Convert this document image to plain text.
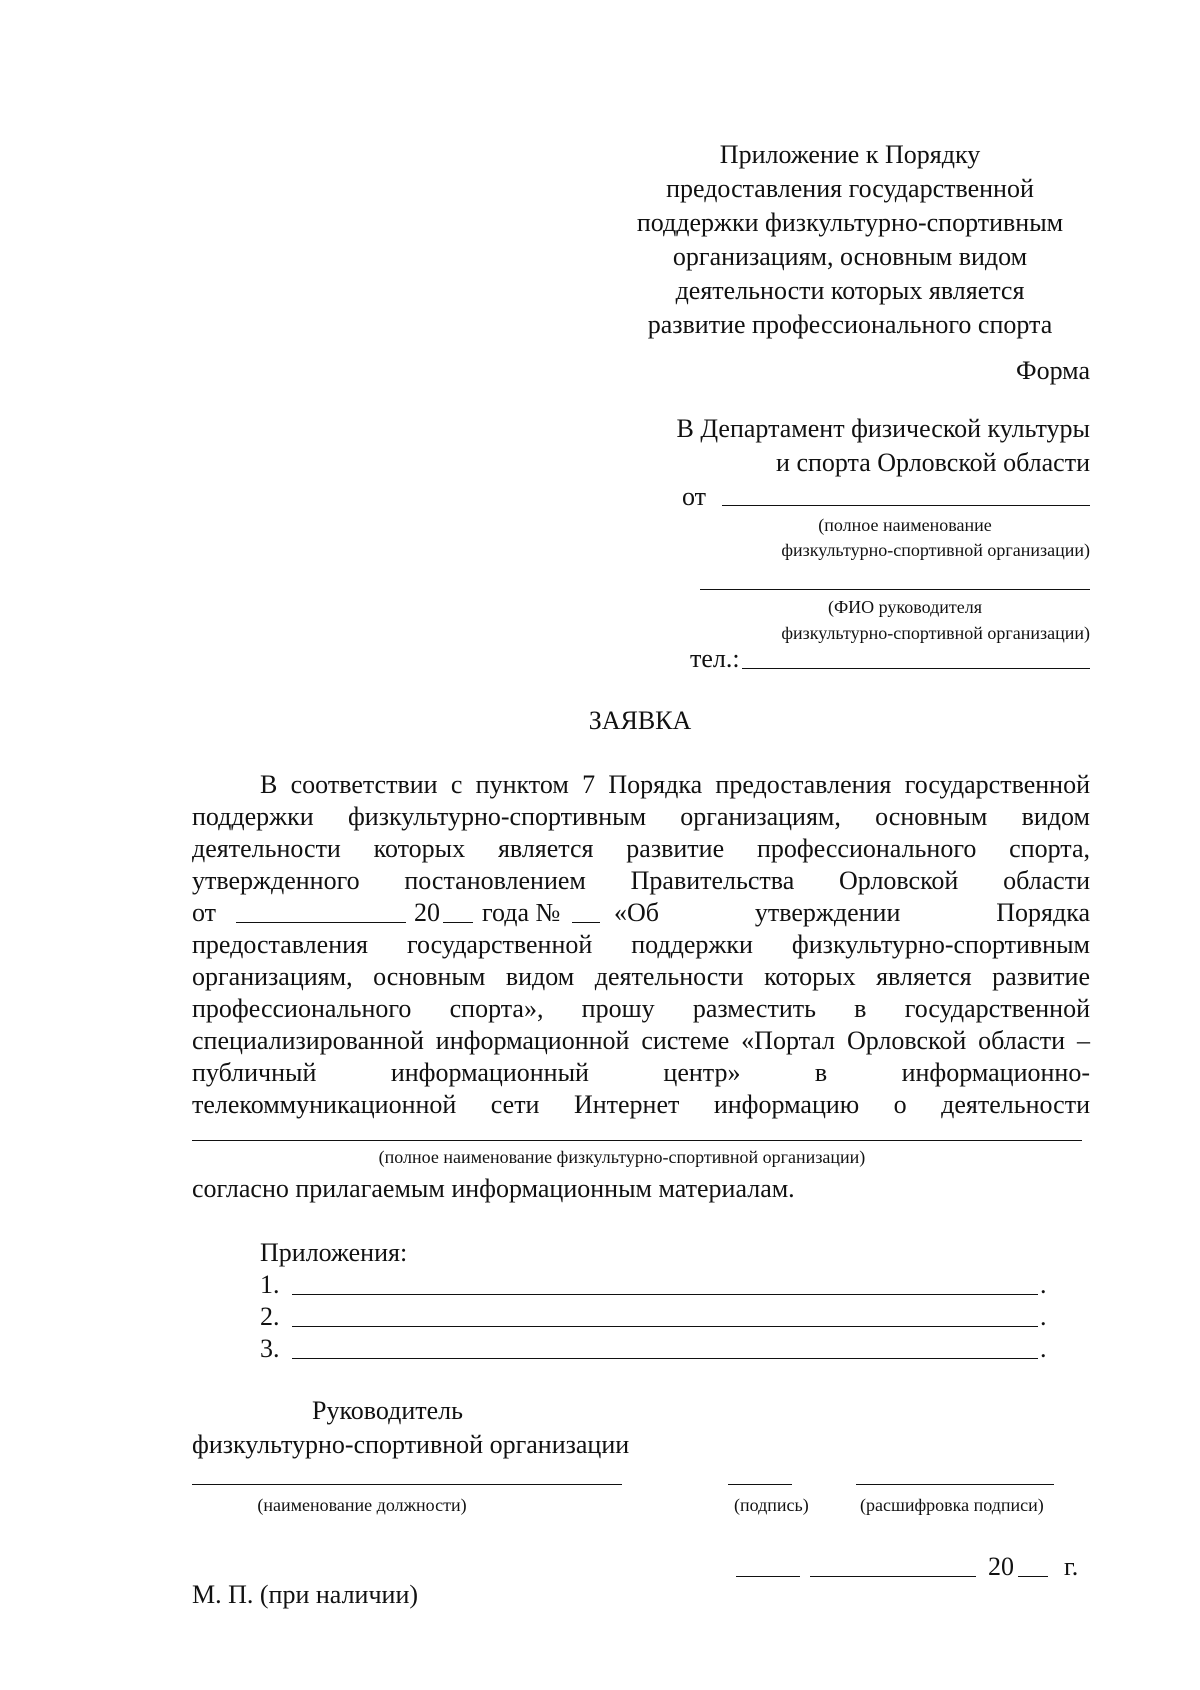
Приложение к Порядку
предоставления государственной
поддержки физкультурно-спортивным
организациям, основным видом
деятельности которых является
развитие профессионального спорта
Форма
В Департамент физической культуры
и спорта Орловской области
от
(полное наименование
физкультурно-спортивной организации)
(ФИО руководителя
физкультурно-спортивной организации)
тел.:
ЗАЯВКА
В соответствии с пунктом 7 Порядка предоставления государственной
поддержки физкультурно-спортивным организациям, основным видом
деятельности которых является развитие профессионального спорта,
утвержденного постановлением Правительства Орловской области
от	20 года № «Об утверждении Порядка
предоставления государственной поддержки физкультурно-спортивным
организациям, основным видом деятельности которых является развитие
профессионального спорта», прошу разместить в государственной
специализированной информационной системе «Портал Орловской области –
публичный информационный центр» в информационно-
телекоммуникационной сети Интернет информацию о деятельности
(полное наименование физкультурно-спортивной организации)
согласно прилагаемым информационным материалам.
Приложения:
1.	.
2.	.
3.	.
Руководитель
физкультурно-спортивной организации
(наименование должности)	(подпись)	(расшифровка подписи)
20 г.
М. П. (при наличии)
